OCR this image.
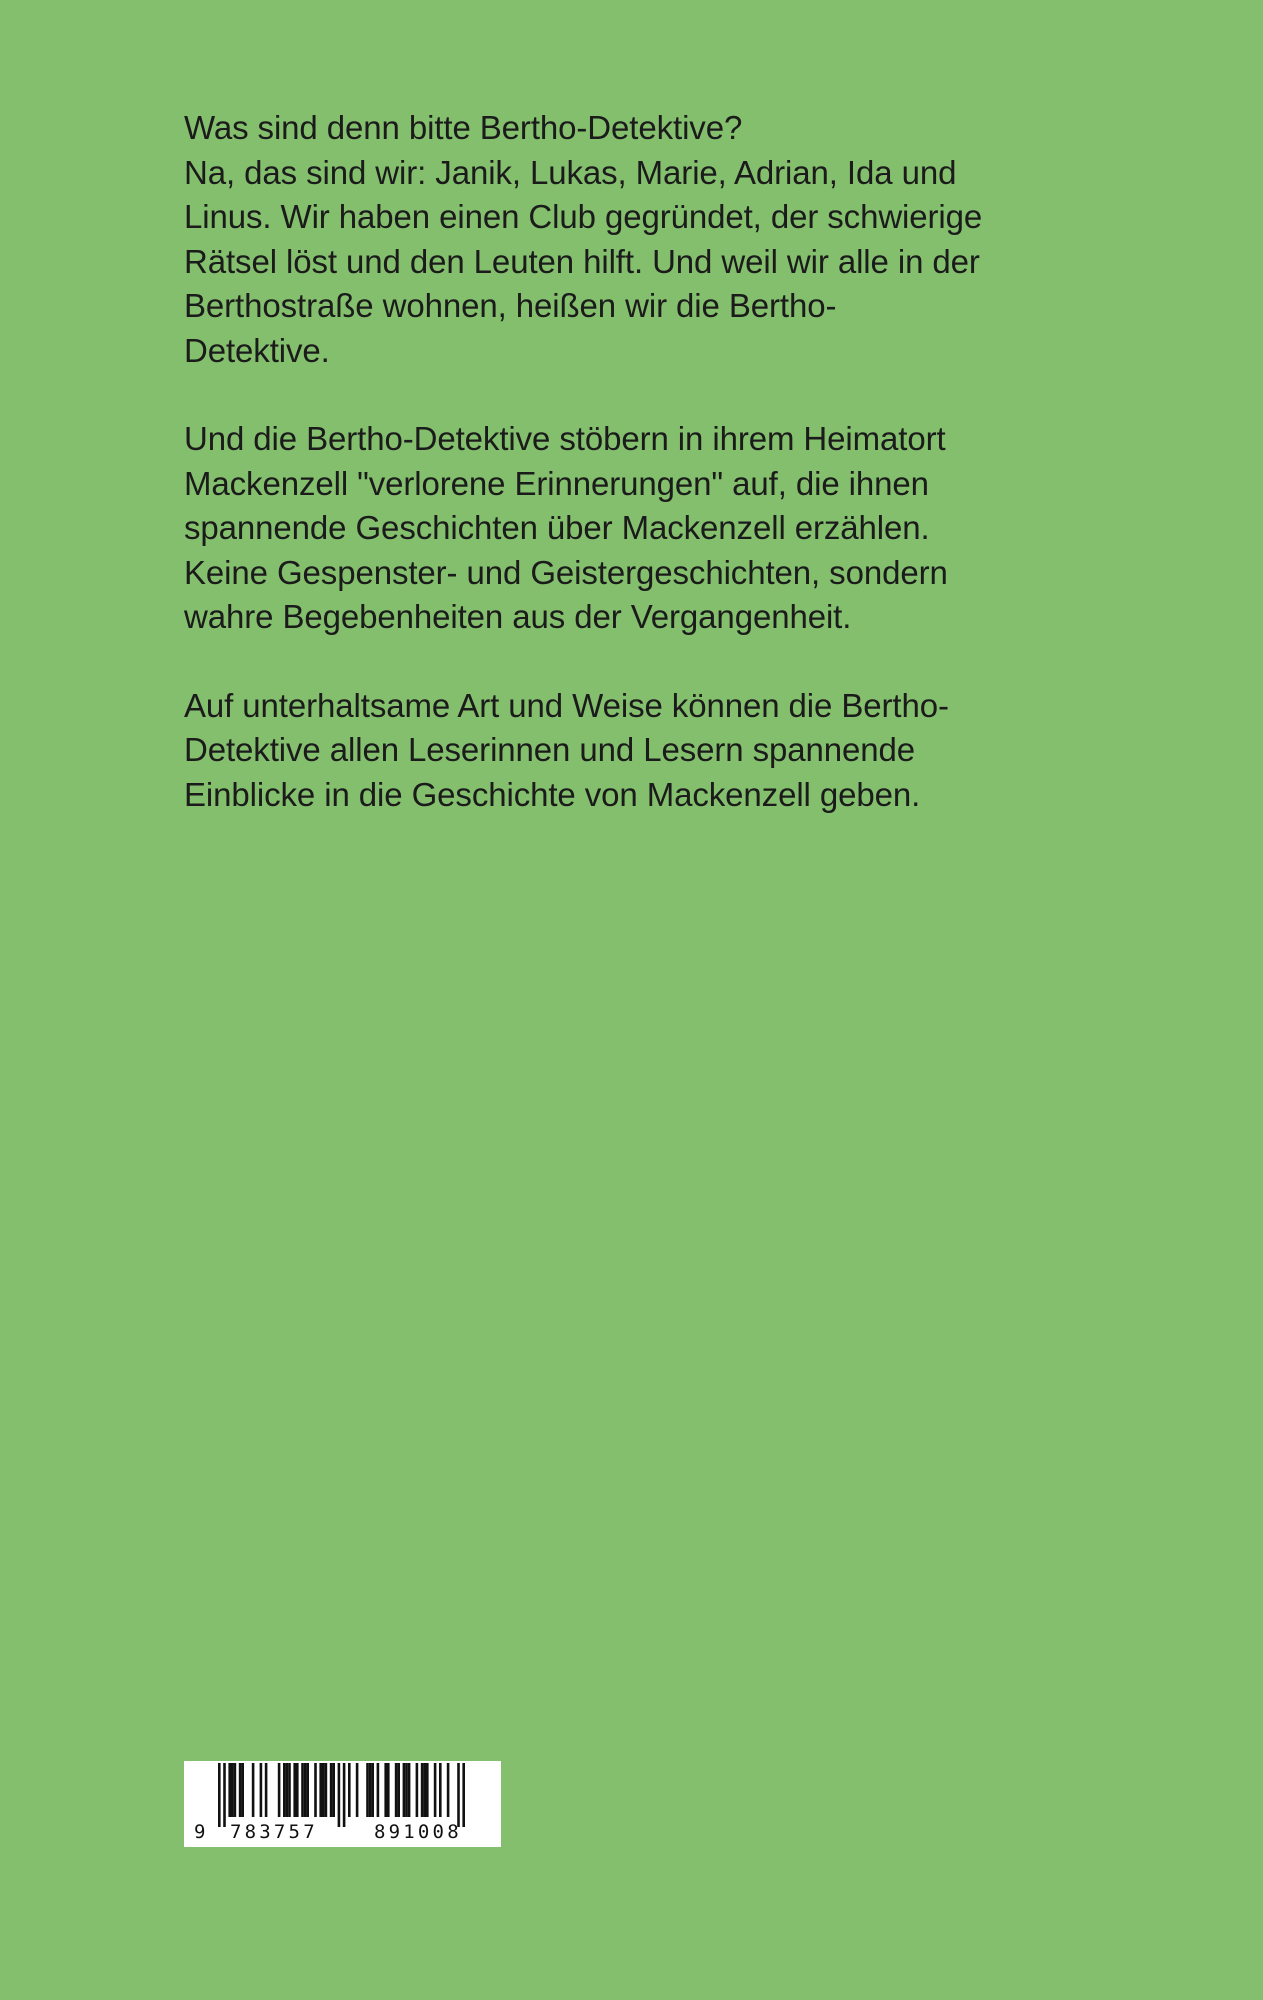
Was sind denn bitte Bertho-Detektive?
Na, das sind wir: Janik, Lukas, Marie, Adrian, Ida und
Linus. Wir haben einen Club gegründet, der schwierige
Rätsel löst und den Leuten hilft. Und weil wir alle in der
Berthostraße wohnen, heißen wir die Bertho-
Detektive.

Und die Bertho-Detektive stöbern in ihrem Heimatort
Mackenzell "verlorene Erinnerungen" auf, die ihnen
spannende Geschichten über Mackenzell erzählen.
Keine Gespenster- und Geistergeschichten, sondern
wahre Begebenheiten aus der Vergangenheit.

Auf unterhaltsame Art und Weise können die Bertho-
Detektive allen Leserinnen und Lesern spannende
Einblicke in die Geschichte von Mackenzell geben.

9 783757	891008
